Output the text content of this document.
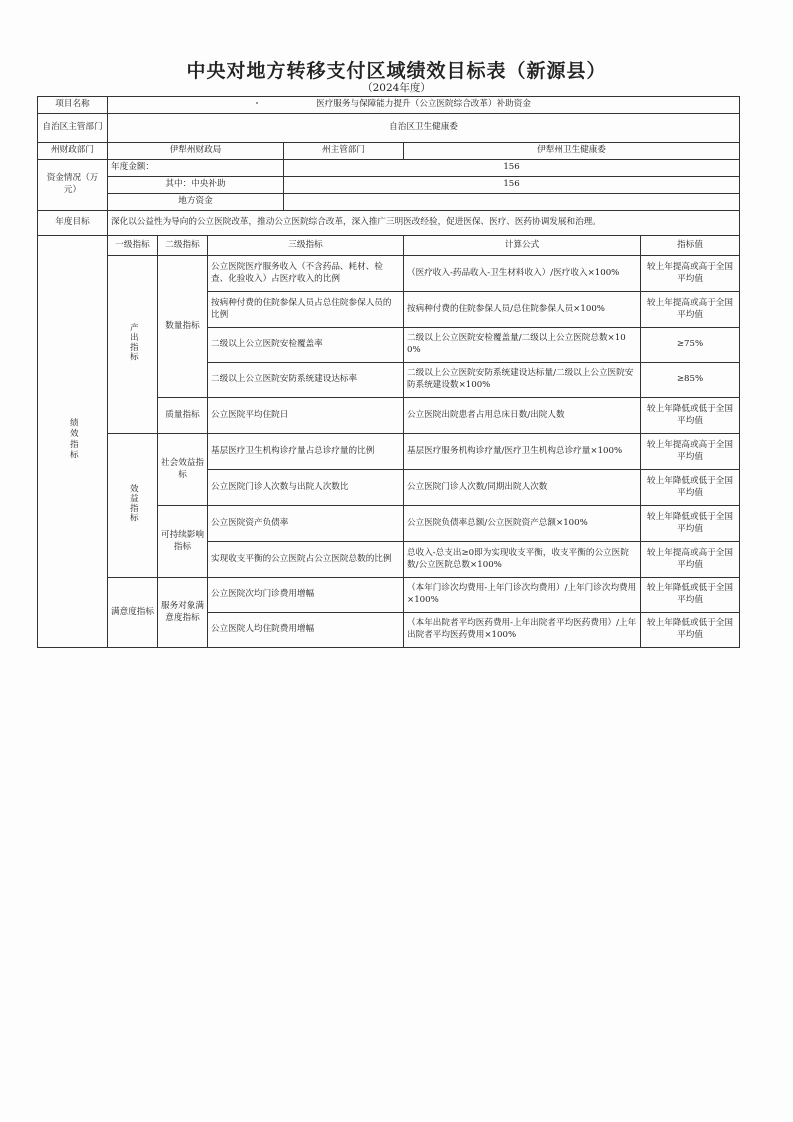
中央对地方转移支付区域绩效目标表（新源县）
（2024年度）
项目名称	医疗服务与保障能力提升（公立医院综合改革）补助资金					
自治区主管部门	自治区卫生健康委					
州财政部门	伊犁州财政局			州主管部门	伊犁州卫生健康委	
资金情况（万元）	年度金额：			156		
	其中：中央补助			156		
	地方资金					
年度目标	深化以公益性为导向的公立医院改革，推动公立医院综合改革，深入推广三明医改经验，促进医保、医疗、医药协调发展和治理。					
绩效指标	一级指标	二级指标	三级指标		计算公式	指标值
	产出指标	数量指标	公立医院医疗服务收入（不含药品、耗材、检查、化验收入）占医疗收入的比例		（医疗收入-药品收入-卫生材料收入）/医疗收入×100%	较上年提高或高于全国平均值
			按病种付费的住院参保人员占总住院参保人员的比例		按病种付费的住院参保人员/总住院参保人员×100%	较上年提高或高于全国平均值
			二级以上公立医院安检覆盖率		二级以上公立医院安检覆盖量/二级以上公立医院总数×100%	≥75%
			二级以上公立医院安防系统建设达标率		二级以上公立医院安防系统建设达标量/二级以上公立医院安防系统建设数×100%	≥85%
		质量指标	公立医院平均住院日		公立医院出院患者占用总床日数/出院人数	较上年降低或低于全国平均值
	效益指标	社会效益指标	基层医疗卫生机构诊疗量占总诊疗量的比例		基层医疗服务机构诊疗量/医疗卫生机构总诊疗量×100%	较上年提高或高于全国平均值
			公立医院门诊人次数与出院人次数比		公立医院门诊人次数/同期出院人次数	较上年降低或低于全国平均值
		可持续影响指标	公立医院资产负债率		公立医院负债率总额/公立医院资产总额×100%	较上年降低或低于全国平均值
			实现收支平衡的公立医院占公立医院总数的比例		总收入-总支出≥0即为实现收支平衡，收支平衡的公立医院数/公立医院总数×100%	较上年提高或高于全国平均值
	满意度指标	服务对象满意度指标	公立医院次均门诊费用增幅		（本年门诊次均费用-上年门诊次均费用）/上年门诊次均费用×100%	较上年降低或低于全国平均值
			公立医院人均住院费用增幅		（本年出院者平均医药费用-上年出院者平均医药费用）/上年出院者平均医药费用×100%	较上年降低或低于全国平均值
